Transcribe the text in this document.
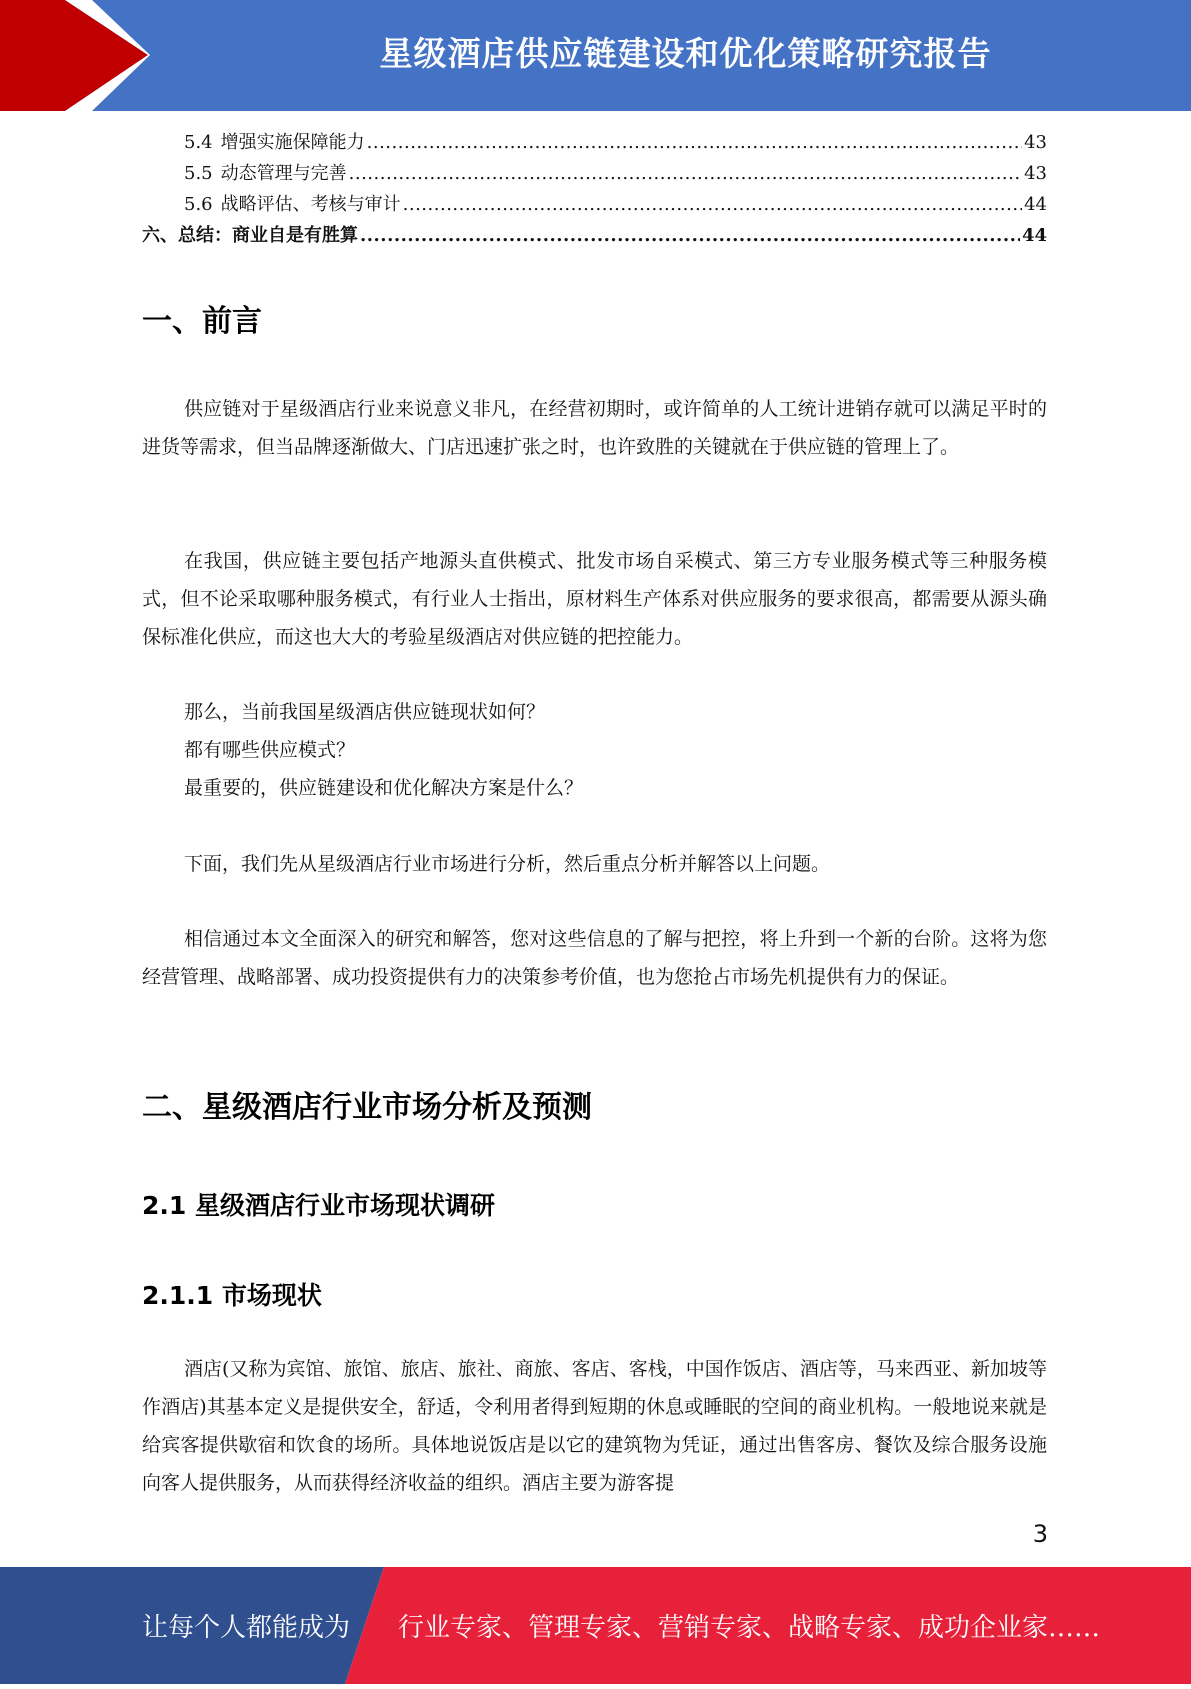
星级酒店供应链建设和优化策略研究报告
5.4 增强实施保障能力 .....	43
5.5 动态管理与完善 .....	43
5.6 战略评估、考核与审计 .....	44
六、总结：商业自是有胜算 .....	44
一、前言

供应链对于星级酒店行业来说意义非凡，在经营初期时，或许简单的人工统计进销存就可以满足平时的进货等需求，但当品牌逐渐做大、门店迅速扩张之时，也许致胜的关键就在于供应链的管理上了。

在我国，供应链主要包括产地源头直供模式、批发市场自采模式、第三方专业服务模式等三种服务模式，但不论采取哪种服务模式，有行业人士指出，原材料生产体系对供应服务的要求很高，都需要从源头确保标准化供应，而这也大大的考验星级酒店对供应链的把控能力。

那么，当前我国星级酒店供应链现状如何？

都有哪些供应模式？

最重要的，供应链建设和优化解决方案是什么？

下面，我们先从星级酒店行业市场进行分析，然后重点分析并解答以上问题。

相信通过本文全面深入的研究和解答，您对这些信息的了解与把控，将上升到一个新的台阶。这将为您经营管理、战略部署、成功投资提供有力的决策参考价值，也为您抢占市场先机提供有力的保证。

二、星级酒店行业市场分析及预测
2.1 星级酒店行业市场现状调研
2.1.1 市场现状

酒店(又称为宾馆、旅馆、旅店、旅社、商旅、客店、客栈，中国作饭店、酒店等，马来西亚、新加坡等作酒店)其基本定义是提供安全，舒适，令利用者得到短期的休息或睡眠的空间的商业机构。一般地说来就是给宾客提供歇宿和饮食的场所。具体地说饭店是以它的建筑物为凭证，通过出售客房、餐饮及综合服务设施向客人提供服务，从而获得经济收益的组织。酒店主要为游客提

3
让每个人都能成为 行业专家、管理专家、营销专家、战略专家、成功企业家……
